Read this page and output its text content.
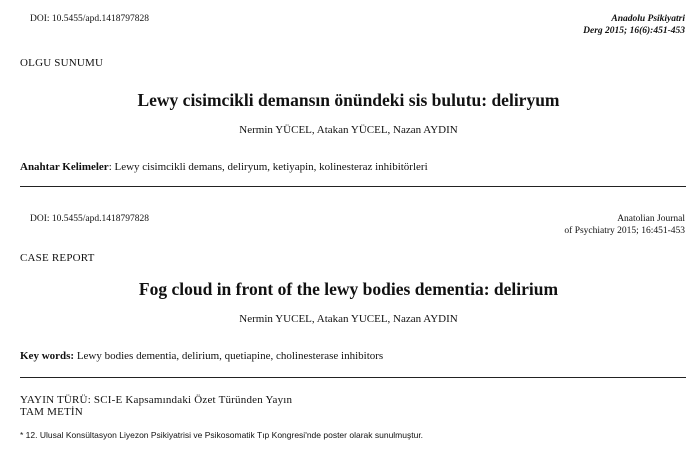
DOI: 10.5455/apd.1418797828	Anadolu Psikiyatri
Derg 2015; 16(6):451-453
OLGU SUNUMU
Lewy cisimcikli demansın önündeki sis bulutu: deliryum
Nermin YÜCEL, Atakan YÜCEL, Nazan AYDIN
Anahtar Kelimeler: Lewy cisimcikli demans, deliryum, ketiyapin, kolinesteraz inhibitörleri
DOI: 10.5455/apd.1418797828	Anatolian Journal
of Psychiatry 2015; 16:451-453
CASE REPORT
Fog cloud in front of the lewy bodies dementia: delirium
Nermin YUCEL, Atakan YUCEL, Nazan AYDIN
Key words: Lewy bodies dementia, delirium, quetiapine, cholinesterase inhibitors
YAYIN TÜRÜ: SCI-E Kapsamındaki Özet Türünden Yayın
TAM METİN
* 12. Ulusal Konsültasyon Liyezon Psikiyatrisi ve Psikosomatik Tıp Kongresi'nde poster olarak sunulmuştur.
